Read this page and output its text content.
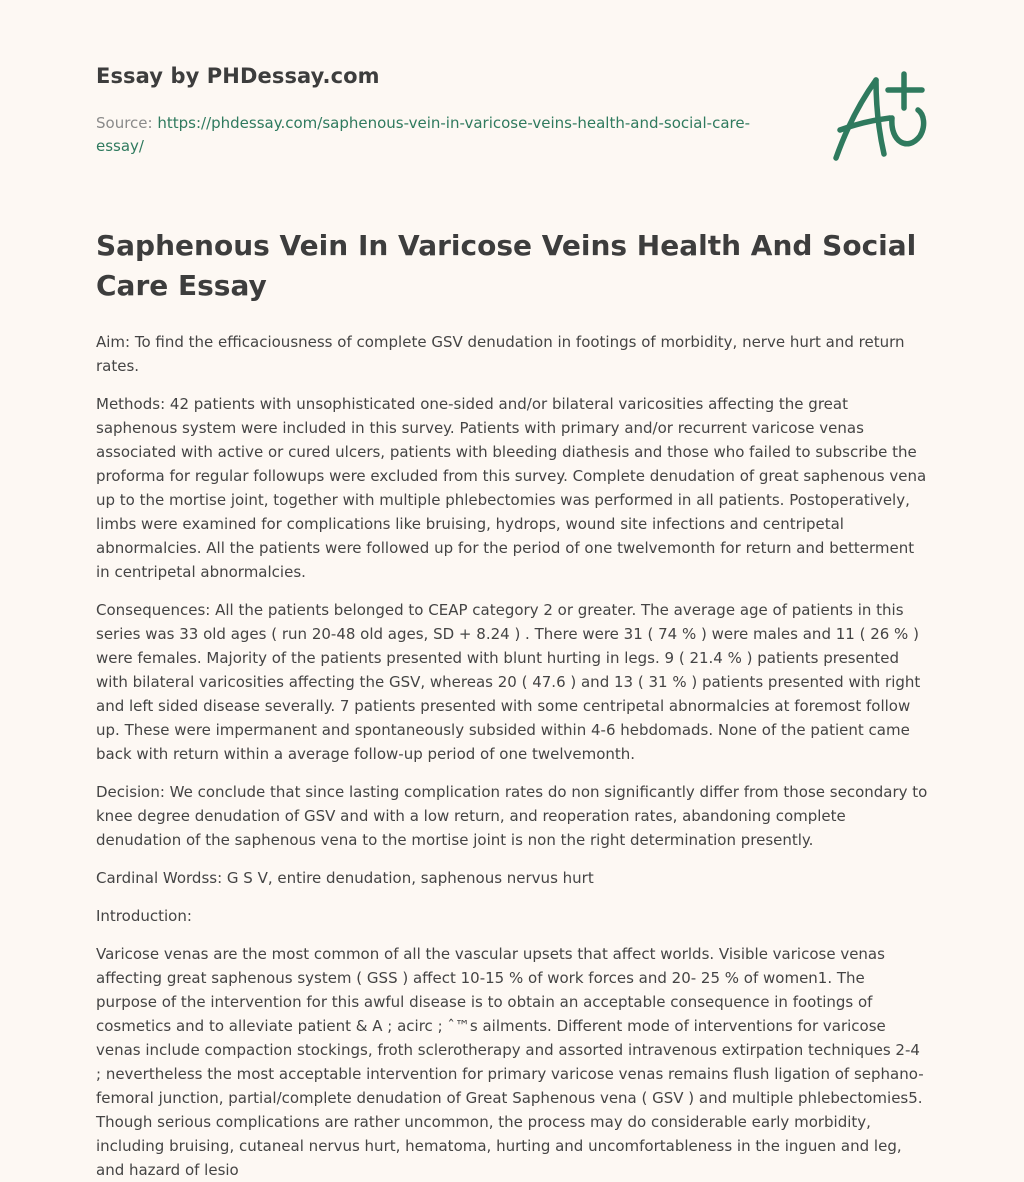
Essay by PHDessay.com
Source: https://phdessay.com/saphenous-vein-in-varicose-veins-health-and-social-care-essay/
Saphenous Vein In Varicose Veins Health And Social Care Essay

Aim: To find the efficaciousness of complete GSV denudation in footings of morbidity, nerve hurt and return rates.

Methods: 42 patients with unsophisticated one-sided and/or bilateral varicosities affecting the great saphenous system were included in this survey. Patients with primary and/or recurrent varicose venas associated with active or cured ulcers, patients with bleeding diathesis and those who failed to subscribe the proforma for regular followups were excluded from this survey. Complete denudation of great saphenous vena up to the mortise joint, together with multiple phlebectomies was performed in all patients. Postoperatively, limbs were examined for complications like bruising, hydrops, wound site infections and centripetal abnormalcies. All the patients were followed up for the period of one twelvemonth for return and betterment in centripetal abnormalcies.

Consequences: All the patients belonged to CEAP category 2 or greater. The average age of patients in this series was 33 old ages ( run 20-48 old ages, SD + 8.24 ) . There were 31 ( 74 % ) were males and 11 ( 26 % ) were females. Majority of the patients presented with blunt hurting in legs. 9 ( 21.4 % ) patients presented with bilateral varicosities affecting the GSV, whereas 20 ( 47.6 ) and 13 ( 31 % ) patients presented with right and left sided disease severally. 7 patients presented with some centripetal abnormalcies at foremost follow up. These were impermanent and spontaneously subsided within 4-6 hebdomads. None of the patient came back with return within a average follow-up period of one twelvemonth.

Decision: We conclude that since lasting complication rates do non significantly differ from those secondary to knee degree denudation of GSV and with a low return, and reoperation rates, abandoning complete denudation of the saphenous vena to the mortise joint is non the right determination presently.

Cardinal Wordss: G S V, entire denudation, saphenous nervus hurt

Introduction:

Varicose venas are the most common of all the vascular upsets that affect worlds. Visible varicose venas affecting great saphenous system ( GSS ) affect 10-15 % of work forces and 20- 25 % of women1. The purpose of the intervention for this awful disease is to obtain an acceptable consequence in footings of cosmetics and to alleviate patient & A ; acirc ; ˆ™s ailments. Different mode of interventions for varicose venas include compaction stockings, froth sclerotherapy and assorted intravenous extirpation techniques 2-4 ; nevertheless the most acceptable intervention for primary varicose venas remains flush ligation of sephano-femoral junction, partial/complete denudation of Great Saphenous vena ( GSV ) and multiple phlebectomies5. Though serious complications are rather uncommon, the process may do considerable early morbidity, including bruising, cutaneal nervus hurt, hematoma, hurting and uncomfortableness in the inguen and leg, and hazard of lesio
